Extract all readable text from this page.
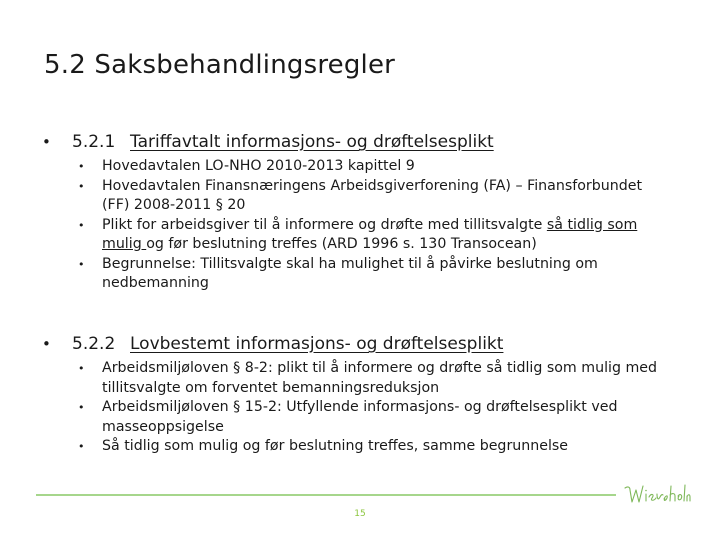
5.2 Saksbehandlingsregler
• 5.2.1 Tariffavtalt informasjons- og drøftelsesplikt
• Hovedavtalen LO-NHO 2010-2013 kapittel 9
• Hovedavtalen Finansnæringens Arbeidsgiverforening (FA) – Finansforbundet (FF) 2008-2011 § 20
• Plikt for arbeidsgiver til å informere og drøfte med tillitsvalgte så tidlig som mulig og før beslutning treffes (ARD 1996 s. 130 Transocean)
• Begrunnelse: Tillitsvalgte skal ha mulighet til å påvirke beslutning om nedbemanning
• 5.2.2 Lovbestemt informasjons- og drøftelsesplikt
• Arbeidsmiljøloven § 8-2: plikt til å informere og drøfte så tidlig som mulig med tillitsvalgte om forventet bemanningsreduksjon
• Arbeidsmiljøloven § 15-2: Utfyllende informasjons- og drøftelsesplikt ved masseoppsigelse
• Så tidlig som mulig og før beslutning treffes, samme begrunnelse
15
